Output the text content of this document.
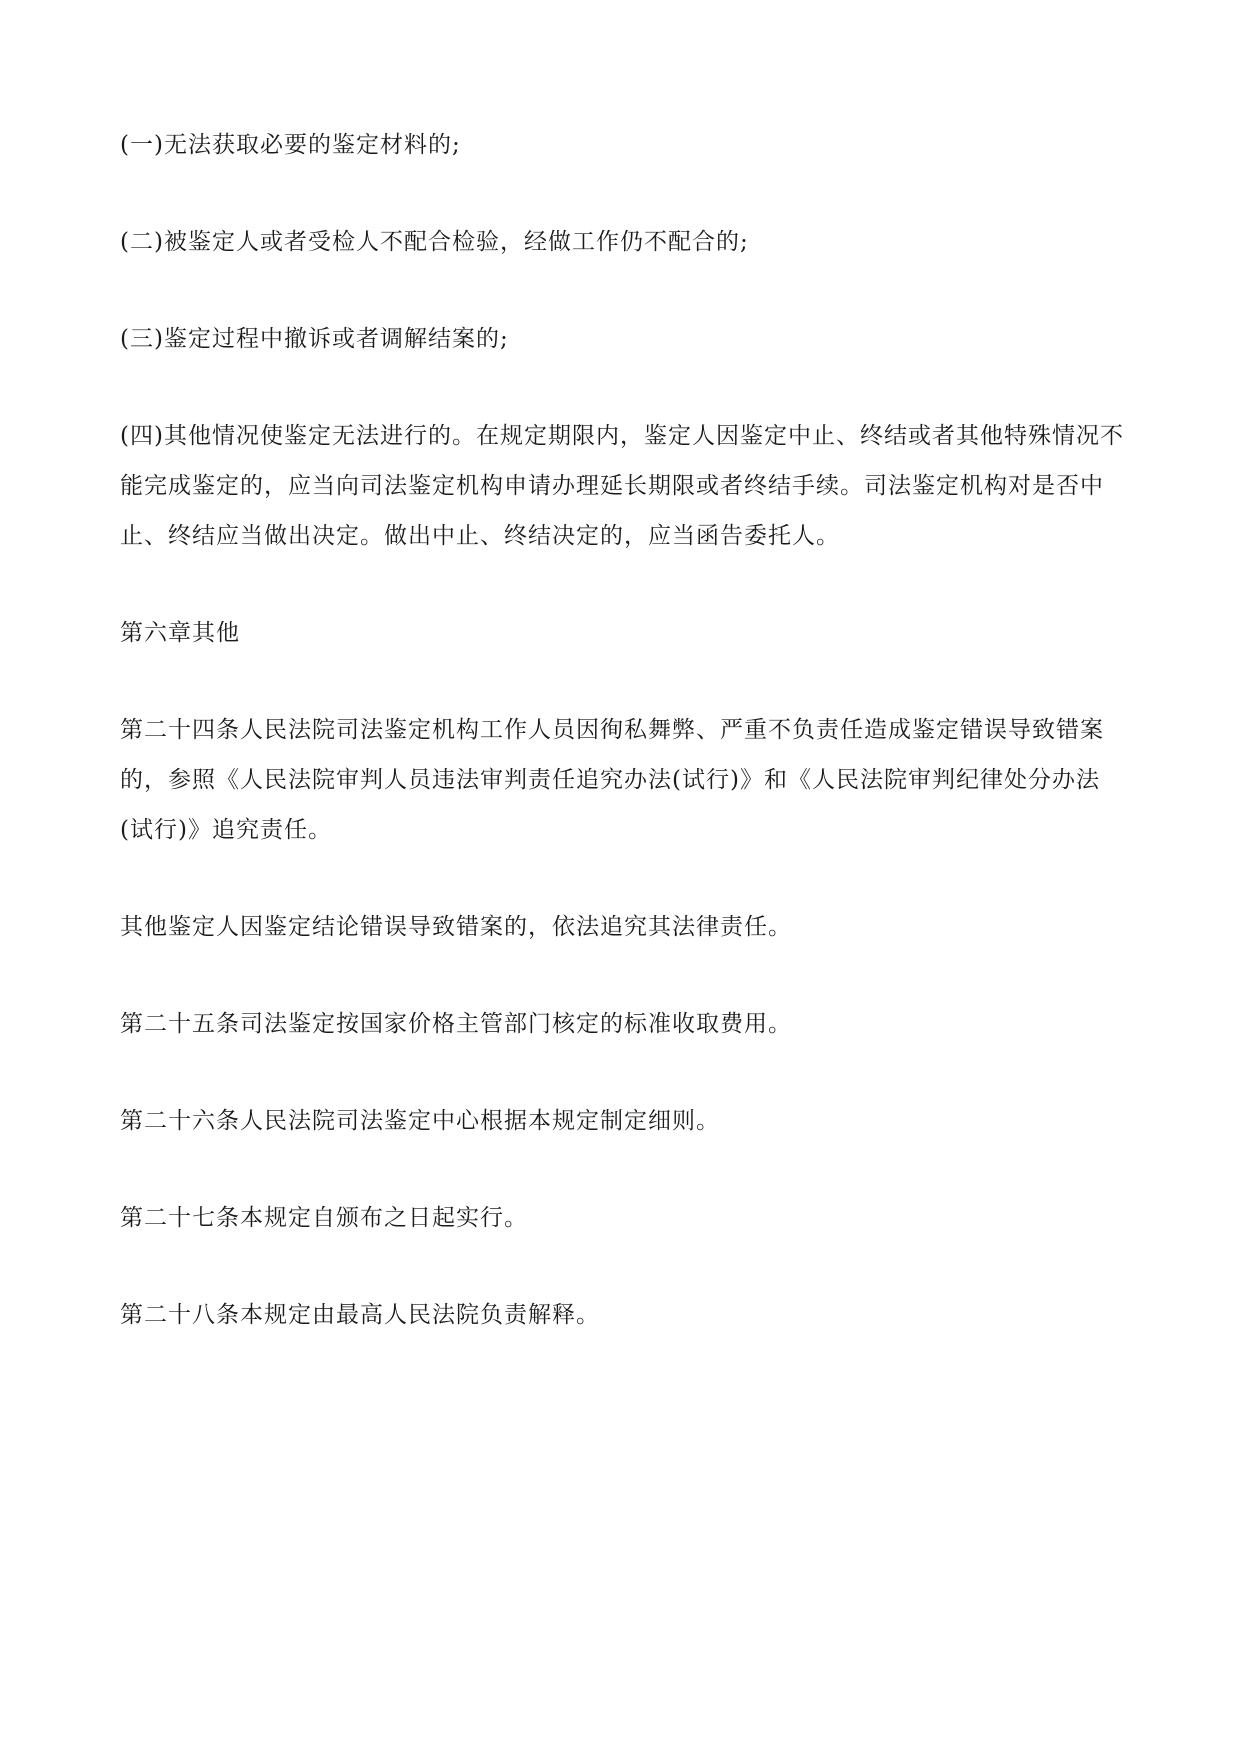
(一)无法获取必要的鉴定材料的;

(二)被鉴定人或者受检人不配合检验，经做工作仍不配合的;

(三)鉴定过程中撤诉或者调解结案的;

(四)其他情况使鉴定无法进行的。在规定期限内，鉴定人因鉴定中止、终结或者其他特殊情况不能完成鉴定的，应当向司法鉴定机构申请办理延长期限或者终结手续。司法鉴定机构对是否中止、终结应当做出决定。做出中止、终结决定的，应当函告委托人。

第六章其他

第二十四条人民法院司法鉴定机构工作人员因徇私舞弊、严重不负责任造成鉴定错误导致错案的，参照《人民法院审判人员违法审判责任追究办法(试行)》和《人民法院审判纪律处分办法(试行)》追究责任。

其他鉴定人因鉴定结论错误导致错案的，依法追究其法律责任。

第二十五条司法鉴定按国家价格主管部门核定的标准收取费用。

第二十六条人民法院司法鉴定中心根据本规定制定细则。

第二十七条本规定自颁布之日起实行。

第二十八条本规定由最高人民法院负责解释。
